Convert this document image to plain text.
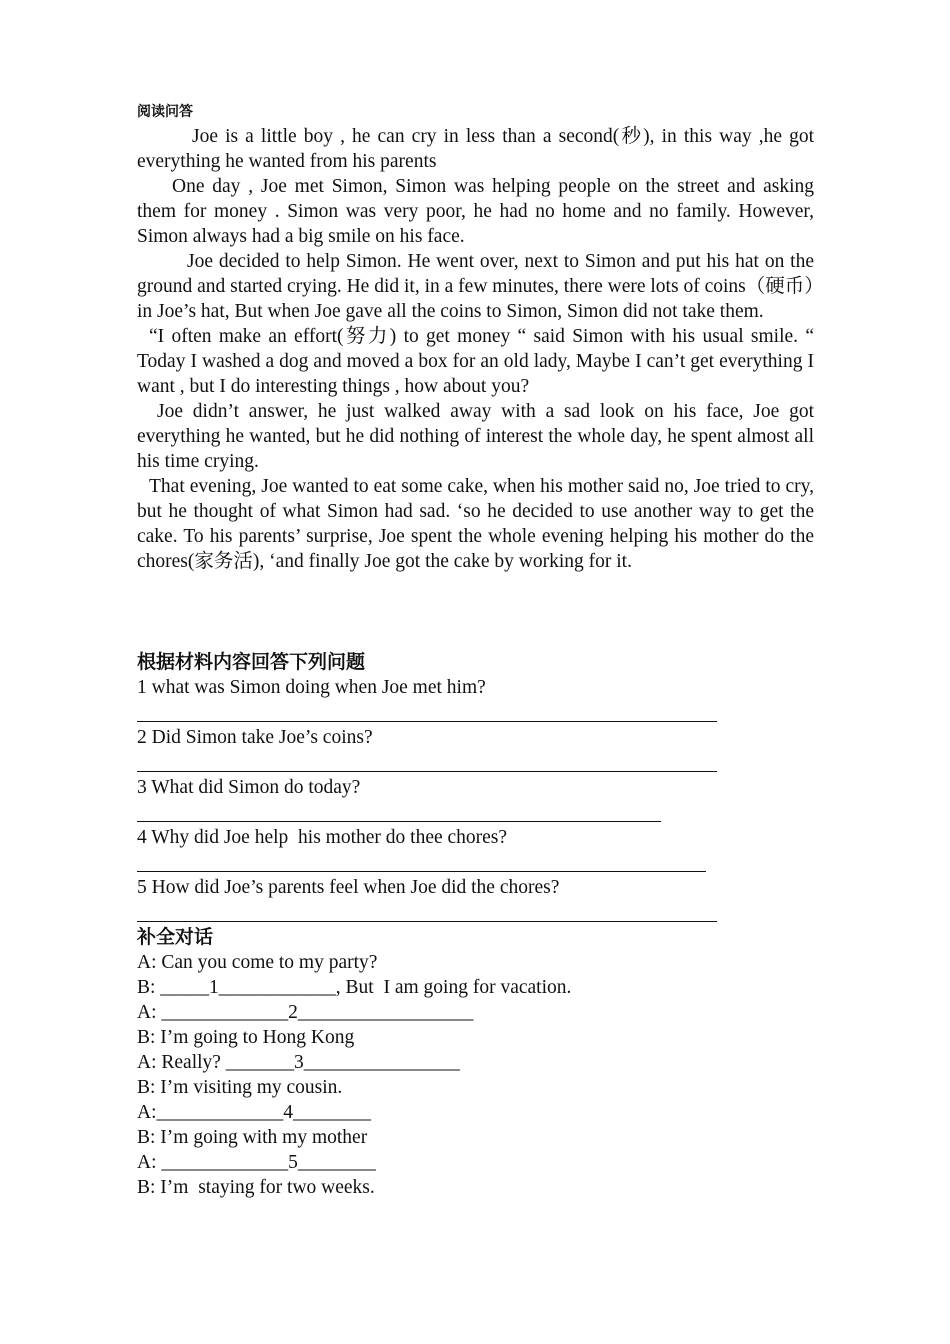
阅读问答

Joe is a little boy , he can cry in less than a second(秒), in this way ,he got everything he wanted from his parents

One day , Joe met Simon, Simon was helping people on the street and asking them for money . Simon was very poor, he had no home and no family. However, Simon always had a big smile on his face.

Joe decided to help Simon. He went over, next to Simon and put his hat on the ground and started crying. He did it, in a few minutes, there were lots of coins（硬币）in Joe’s hat, But when Joe gave all the coins to Simon, Simon did not take them.

“I often make an effort(努力) to get money “ said Simon with his usual smile. “ Today I washed a dog and moved a box for an old lady, Maybe I can’t get everything I want , but I do interesting things , how about you?

Joe didn’t answer, he just walked away with a sad look on his face, Joe got everything he wanted, but he did nothing of interest the whole day, he spent almost all his time crying.

That evening, Joe wanted to eat some cake, when his mother said no, Joe tried to cry, but he thought of what Simon had sad. ‘so he decided to use another way to get the cake. To his parents’ surprise, Joe spent the whole evening helping his mother do the chores(家务活), ‘and finally Joe got the cake by working for it.

根据材料内容回答下列问题
1 what was Simon doing when Joe met him?
2 Did Simon take Joe’s coins?
3 What did Simon do today?
4 Why did Joe help  his mother do thee chores?
5 How did Joe’s parents feel when Joe did the chores?
补全对话
A: Can you come to my party?
B: _____1____________, But  I am going for vacation.
A: _____________2__________________
B: I’m going to Hong Kong
A: Really? _______3________________
B: I’m visiting my cousin.
A:_____________4________
B: I’m going with my mother
A: _____________5________
B: I’m  staying for two weeks.
